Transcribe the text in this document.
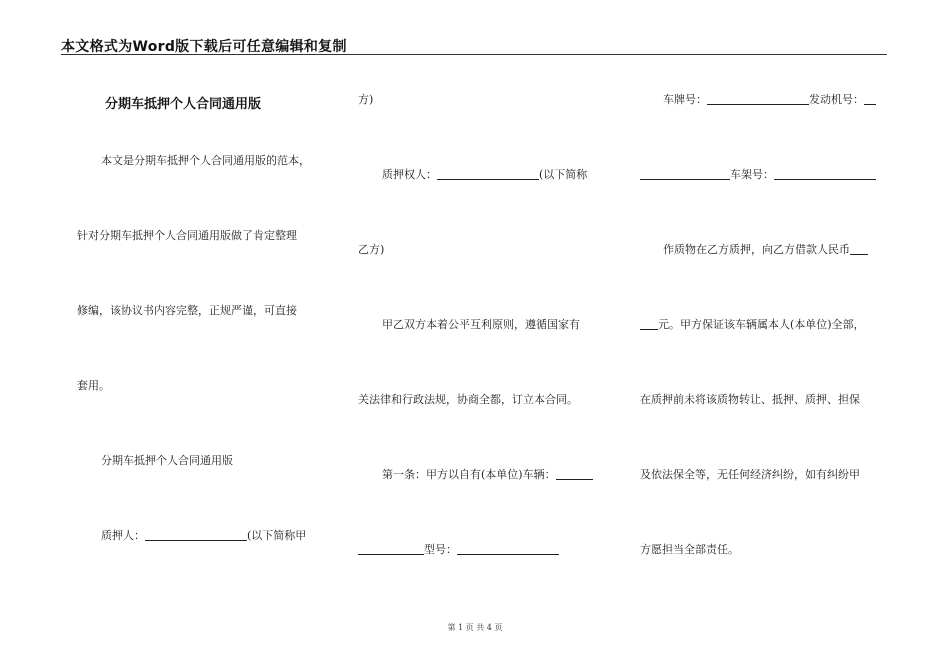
本文格式为Word版下载后可任意编辑和复制
分期车抵押个人合同通用版
本文是分期车抵押个人合同通用版的范本，
针对分期车抵押个人合同通用版做了肯定整理
修编，该协议书内容完整，正规严谨，可直接
套用。
分期车抵押个人合同通用版
质押人：	(以下简称甲
方)
质押权人：	(以下简称
乙方)
甲乙双方本着公平互利原则，遵循国家有
关法律和行政法规，协商全都，订立本合同。
第一条：甲方以自有(本单位)车辆：
型号：
车牌号：	发动机号：
车架号：
作质物在乙方质押，向乙方借款人民币
元。甲方保证该车辆属本人(本单位)全部，
在质押前未将该质物转让、抵押、质押、担保
及依法保全等，无任何经济纠纷，如有纠纷甲
方愿担当全部责任。
第 1 页 共 4 页
